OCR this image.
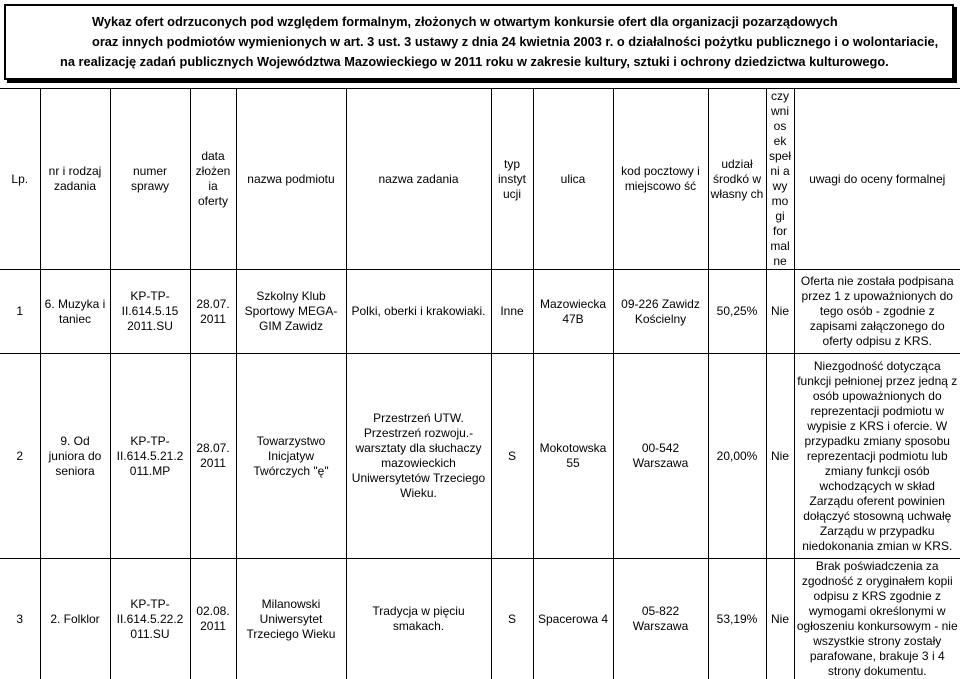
Wykaz ofert odrzuconych pod względem formalnym, złożonych w otwartym konkursie ofert dla organizacji pozarządowych
oraz innych podmiotów wymienionych w art. 3 ust. 3 ustawy z dnia 24 kwietnia 2003 r. o działalności pożytku publicznego i o wolontariacie,
na realizację zadań publicznych Województwa Mazowieckiego w 2011 roku w zakresie kultury, sztuki i ochrony dziedzictwa kulturowego.
Lp.	nr i rodzaj zadania	numer sprawy	data złożen ia oferty	nazwa podmiotu	nazwa zadania	typ instyt ucji	ulica	kod pocztowy i miejscowo ść	udział środkó w własny ch	czy wnios ek spełni a wymo gi formal ne	uwagi do oceny formalnej
1	6. Muzyka i taniec	KP-TP-II.614.5.15 2011.SU	28.07. 2011	Szkolny Klub Sportowy MEGA-GIM Zawidz	Polki, oberki i krakowiaki.	Inne	Mazowiecka 47B	09-226 Zawidz Kościelny	50,25%	Nie	Oferta nie została podpisana przez 1 z upoważnionych do tego osób - zgodnie z zapisami załączonego do oferty odpisu z KRS.
2	9. Od juniora do seniora	KP-TP-II.614.5.21.2 011.MP	28.07. 2011	Towarzystwo Inicjatyw Twórczych "ę"	Przestrzeń UTW. Przestrzeń rozwoju.- warsztaty dla słuchaczy mazowieckich Uniwersytetów Trzeciego Wieku.	S	Mokotowska 55	00-542 Warszawa	20,00%	Nie	Niezgodność dotycząca funkcji pełnionej przez jedną z osób upoważnionych do reprezentacji podmiotu w wypisie z KRS i ofercie. W przypadku zmiany sposobu reprezentacji podmiotu lub zmiany funkcji osób wchodzących w skład Zarządu oferent powinien dołączyć stosowną uchwałę Zarządu w przypadku niedokonania zmian w KRS.
3	2. Folklor	KP-TP-II.614.5.22.2 011.SU	02.08. 2011	Milanowski Uniwersytet Trzeciego Wieku	Tradycja w pięciu smakach.	S	Spacerowa 4	05-822 Warszawa	53,19%	Nie	Brak poświadczenia za zgodność z oryginałem kopii odpisu z KRS zgodnie z wymogami określonymi w ogłoszeniu konkursowym - nie wszystkie strony zostały parafowane, brakuje 3 i 4 strony dokumentu.
